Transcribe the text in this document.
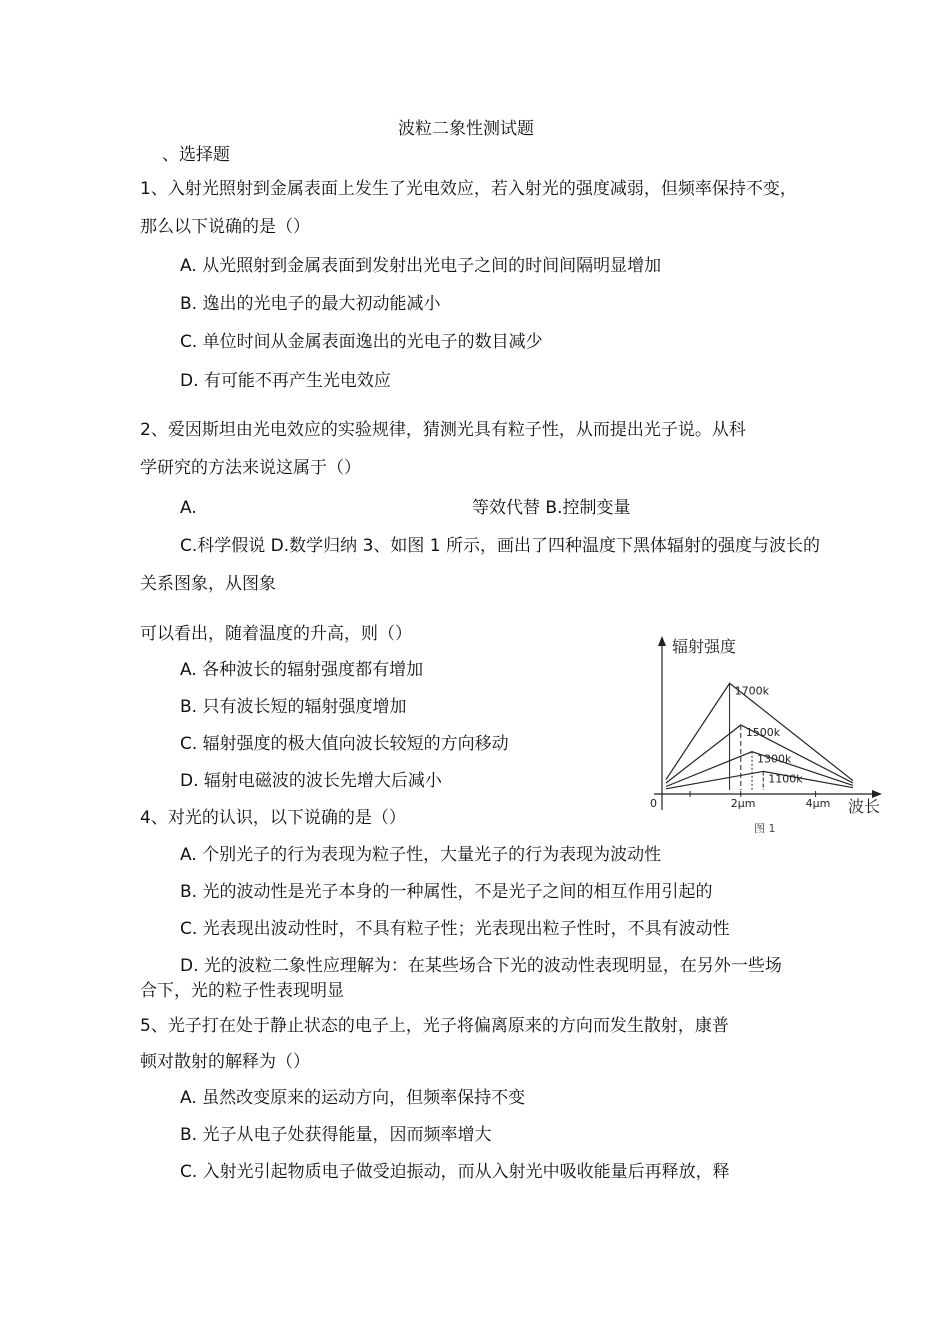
波粒二象性测试题
、选择题
1、入射光照射到金属表面上发生了光电效应，若入射光的强度减弱，但频率保持不变，
那么以下说确的是（）
A. 从光照射到金属表面到发射出光电子之间的时间间隔明显增加
B. 逸出的光电子的最大初动能减小
C. 单位时间从金属表面逸出的光电子的数目减少
D. 有可能不再产生光电效应
2、爱因斯坦由光电效应的实验规律，猜测光具有粒子性，从而提出光子说。从科
学研究的方法来说这属于（）
A.	等效代替 B.控制变量
C.科学假说 D.数学归纳 3、如图 1 所示，画出了四种温度下黑体辐射的强度与波长的
关系图象，从图象
可以看出，随着温度的升高，则（）
A. 各种波长的辐射强度都有增加
B. 只有波长短的辐射强度增加
C. 辐射强度的极大值向波长较短的方向移动
D. 辐射电磁波的波长先增大后减小
1700k
1500k
1300k
1100k
0	2μm	4μm
辐射强度
波长
图 1
4、对光的认识，以下说确的是（）
A. 个别光子的行为表现为粒子性，大量光子的行为表现为波动性
B. 光的波动性是光子本身的一种属性，不是光子之间的相互作用引起的
C. 光表现出波动性时，不具有粒子性；光表现出粒子性时，不具有波动性
D. 光的波粒二象性应理解为：在某些场合下光的波动性表现明显，在另外一些场
合下，光的粒子性表现明显
5、光子打在处于静止状态的电子上，光子将偏离原来的方向而发生散射，康普
顿对散射的解释为（）
A. 虽然改变原来的运动方向，但频率保持不变
B. 光子从电子处获得能量，因而频率增大
C. 入射光引起物质电子做受迫振动，而从入射光中吸收能量后再释放，释
